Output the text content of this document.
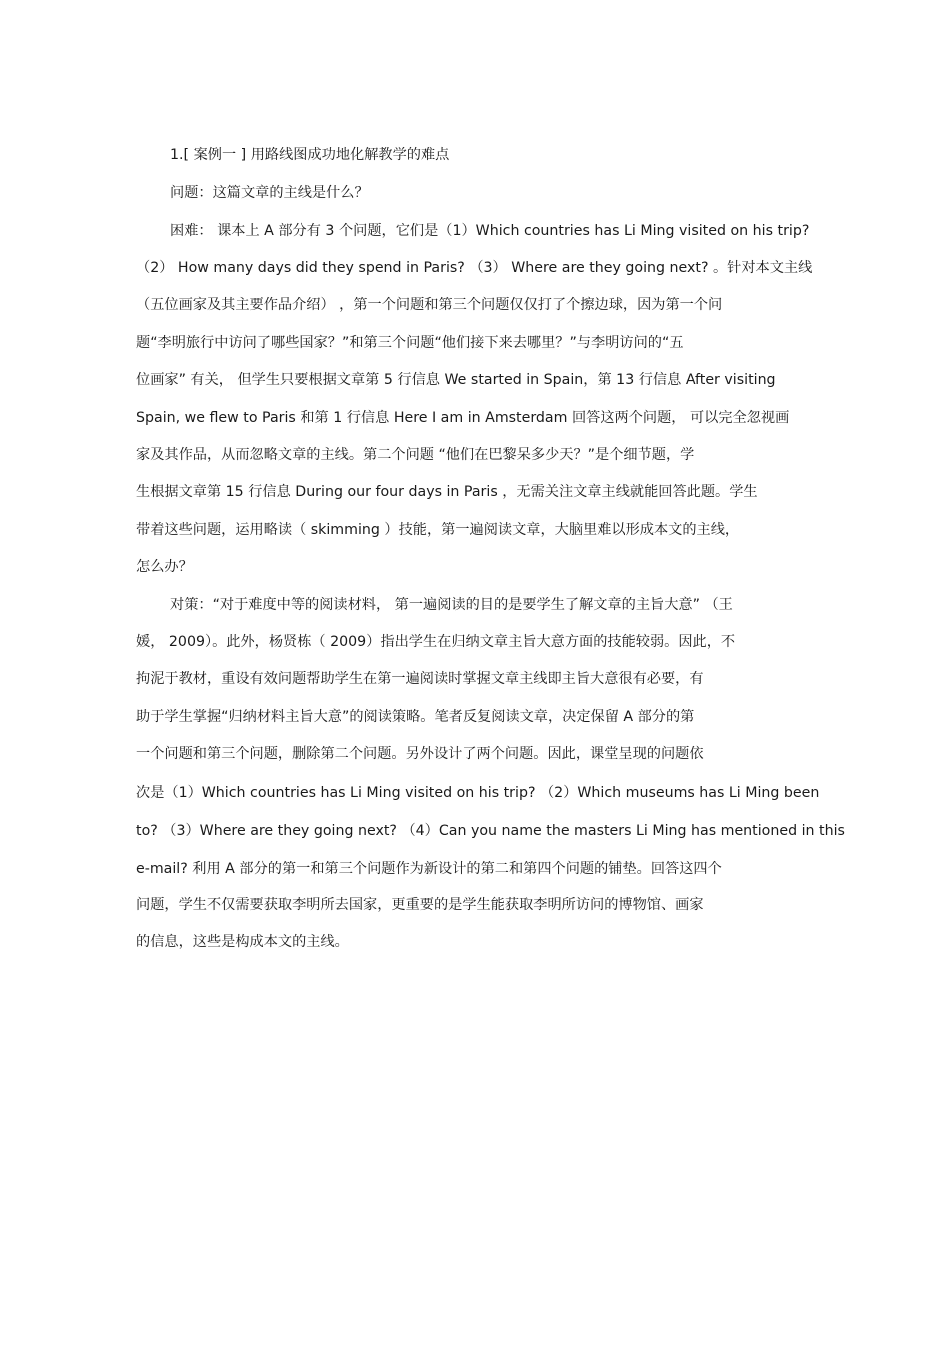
1.[ 案例一 ] 用路线图成功地化解教学的难点
问题：这篇文章的主线是什么？
困难： 课本上 A 部分有 3 个问题，它们是（1）Which countries has Li Ming visited on his trip?
（2） How many days did they spend in Paris? （3） Where are they going next? 。针对本文主线
（五位画家及其主要作品介绍） ，第一个问题和第三个问题仅仅打了个擦边球，因为第一个问
题“李明旅行中访问了哪些国家？”和第三个问题“他们接下来去哪里？”与李明访问的“五
位画家” 有关， 但学生只要根据文章第 5 行信息 We started in Spain，第 13 行信息 After visiting
Spain, we flew to Paris 和第 1 行信息 Here I am in Amsterdam 回答这两个问题， 可以完全忽视画
家及其作品，从而忽略文章的主线。第二个问题 “他们在巴黎呆多少天？”是个细节题，学
生根据文章第 15 行信息 During our four days in Paris ，无需关注文章主线就能回答此题。学生
带着这些问题，运用略读（ skimming ）技能，第一遍阅读文章，大脑里难以形成本文的主线，
怎么办？
对策：“对于难度中等的阅读材料， 第一遍阅读的目的是要学生了解文章的主旨大意” （王
媛， 2009）。此外，杨贤栋（ 2009）指出学生在归纳文章主旨大意方面的技能较弱。因此，不
拘泥于教材，重设有效问题帮助学生在第一遍阅读时掌握文章主线即主旨大意很有必要，有
助于学生掌握“归纳材料主旨大意”的阅读策略。笔者反复阅读文章，决定保留 A 部分的第
一个问题和第三个问题，删除第二个问题。另外设计了两个问题。因此，课堂呈现的问题依
次是（1）Which countries has Li Ming visited on his trip? （2）Which museums has Li Ming been
to? （3）Where are they going next? （4）Can you name the masters Li Ming has mentioned in this
e-mail? 利用 A 部分的第一和第三个问题作为新设计的第二和第四个问题的铺垫。回答这四个
问题，学生不仅需要获取李明所去国家，更重要的是学生能获取李明所访问的博物馆、画家
的信息，这些是构成本文的主线。
